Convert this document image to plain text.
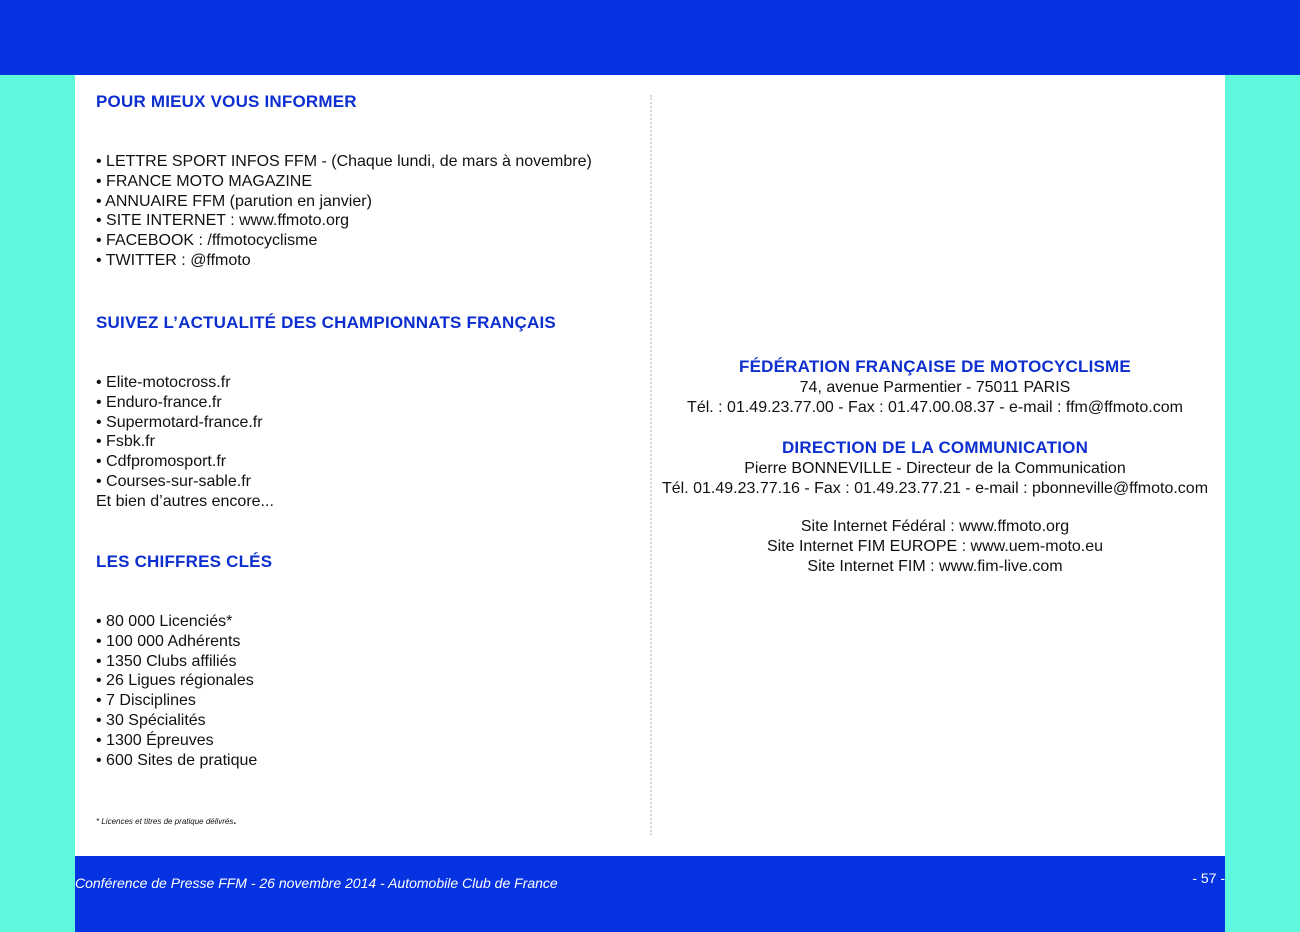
POUR MIEUX VOUS INFORMER
• LETTRE SPORT INFOS FFM - (Chaque lundi, de mars à novembre)
• FRANCE MOTO MAGAZINE
• ANNUAIRE FFM (parution en janvier)
• SITE INTERNET : www.ffmoto.org
• FACEBOOK : /ffmotocyclisme
• TWITTER : @ffmoto
SUIVEZ L’ACTUALITÉ DES CHAMPIONNATS FRANÇAIS
• Elite-motocross.fr
• Enduro-france.fr
• Supermotard-france.fr
• Fsbk.fr
• Cdfpromosport.fr
• Courses-sur-sable.fr
Et bien d’autres encore...
LES CHIFFRES CLÉS
• 80 000 Licenciés*
• 100 000 Adhérents
• 1350 Clubs affiliés
• 26 Ligues régionales
• 7 Disciplines
• 30 Spécialités
• 1300 Épreuves
• 600 Sites de pratique
* Licences et titres de pratique délivrés.
FÉDÉRATION FRANÇAISE DE MOTOCYCLISME
74, avenue Parmentier - 75011 PARIS
Tél. : 01.49.23.77.00 - Fax : 01.47.00.08.37 - e-mail : ffm@ffmoto.com
DIRECTION DE LA COMMUNICATION
Pierre BONNEVILLE - Directeur de la Communication
Tél. 01.49.23.77.16 - Fax : 01.49.23.77.21 - e-mail : pbonneville@ffmoto.com
Site Internet Fédéral : www.ffmoto.org
Site Internet FIM EUROPE : www.uem-moto.eu
Site Internet FIM : www.fim-live.com
Conférence de Presse FFM - 26 novembre 2014 - Automobile Club de France	- 57 -
